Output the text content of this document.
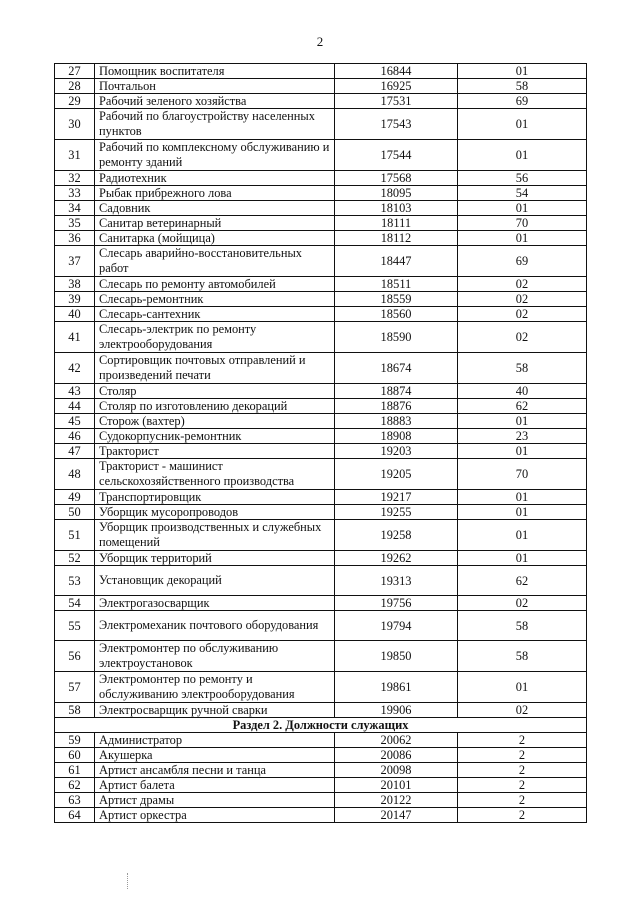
2
27	Помощник воспитателя	16844	01
28	Почтальон	16925	58
29	Рабочий зеленого хозяйства	17531	69
30	Рабочий по благоустройству населенных пунктов	17543	01
31	Рабочий по комплексному обслуживанию и ремонту зданий	17544	01
32	Радиотехник	17568	56
33	Рыбак прибрежного лова	18095	54
34	Садовник	18103	01
35	Санитар ветеринарный	18111	70
36	Санитарка (мойщица)	18112	01
37	Слесарь аварийно-восстановительных работ	18447	69
38	Слесарь по ремонту автомобилей	18511	02
39	Слесарь-ремонтник	18559	02
40	Слесарь-сантехник	18560	02
41	Слесарь-электрик по ремонту электрооборудования	18590	02
42	Сортировщик почтовых отправлений и произведений печати	18674	58
43	Столяр	18874	40
44	Столяр по изготовлению декораций	18876	62
45	Сторож (вахтер)	18883	01
46	Судокорпусник-ремонтник	18908	23
47	Тракторист	19203	01
48	Тракторист - машинист сельскохозяйственного производства	19205	70
49	Транспортировщик	19217	01
50	Уборщик мусоропроводов	19255	01
51	Уборщик производственных и служебных помещений	19258	01
52	Уборщик территорий	19262	01
53	Установщик декораций	19313	62
54	Электрогазосварщик	19756	02
55	Электромеханик почтового оборудования	19794	58
56	Электромонтер по обслуживанию электроустановок	19850	58
57	Электромонтер по ремонту и обслуживанию электрооборудования	19861	01
58	Электросварщик ручной сварки	19906	02
Раздел 2. Должности служащих			
59	Администратор	20062	2
60	Акушерка	20086	2
61	Артист ансамбля песни и танца	20098	2
62	Артист балета	20101	2
63	Артист драмы	20122	2
64	Артист оркестра	20147	2
